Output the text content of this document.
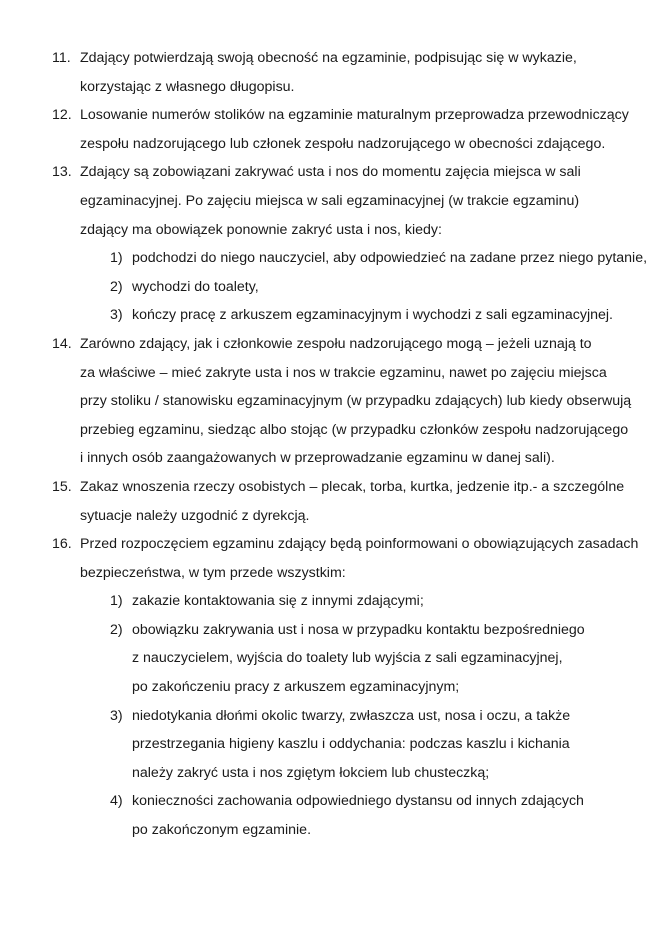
11. Zdający potwierdzają swoją obecność na egzaminie, podpisując się w wykazie,
korzystając z własnego długopisu.
12. Losowanie numerów stolików na egzaminie maturalnym przeprowadza przewodniczący
zespołu nadzorującego lub członek zespołu nadzorującego w obecności zdającego.
13. Zdający są zobowiązani zakrywać usta i nos do momentu zajęcia miejsca w sali
egzaminacyjnej. Po zajęciu miejsca w sali egzaminacyjnej (w trakcie egzaminu)
zdający ma obowiązek ponownie zakryć usta i nos, kiedy:
1) podchodzi do niego nauczyciel, aby odpowiedzieć na zadane przez niego pytanie,
2) wychodzi do toalety,
3) kończy pracę z arkuszem egzaminacyjnym i wychodzi z sali egzaminacyjnej.
14. Zarówno zdający, jak i członkowie zespołu nadzorującego mogą – jeżeli uznają to
za właściwe – mieć zakryte usta i nos w trakcie egzaminu, nawet po zajęciu miejsca
przy stoliku / stanowisku egzaminacyjnym (w przypadku zdających) lub kiedy obserwują
przebieg egzaminu, siedząc albo stojąc (w przypadku członków zespołu nadzorującego
i innych osób zaangażowanych w przeprowadzanie egzaminu w danej sali).
15. Zakaz wnoszenia rzeczy osobistych – plecak, torba, kurtka, jedzenie itp.- a szczególne
sytuacje należy uzgodnić z dyrekcją.
16. Przed rozpoczęciem egzaminu zdający będą poinformowani o obowiązujących zasadach
bezpieczeństwa, w tym przede wszystkim:
1) zakazie kontaktowania się z innymi zdającymi;
2) obowiązku zakrywania ust i nosa w przypadku kontaktu bezpośredniego
z nauczycielem, wyjścia do toalety lub wyjścia z sali egzaminacyjnej,
po zakończeniu pracy z arkuszem egzaminacyjnym;
3) niedotykania dłońmi okolic twarzy, zwłaszcza ust, nosa i oczu, a także
przestrzegania higieny kaszlu i oddychania: podczas kaszlu i kichania
należy zakryć usta i nos zgiętym łokciem lub chusteczką;
4) konieczności zachowania odpowiedniego dystansu od innych zdających
po zakończonym egzaminie.
